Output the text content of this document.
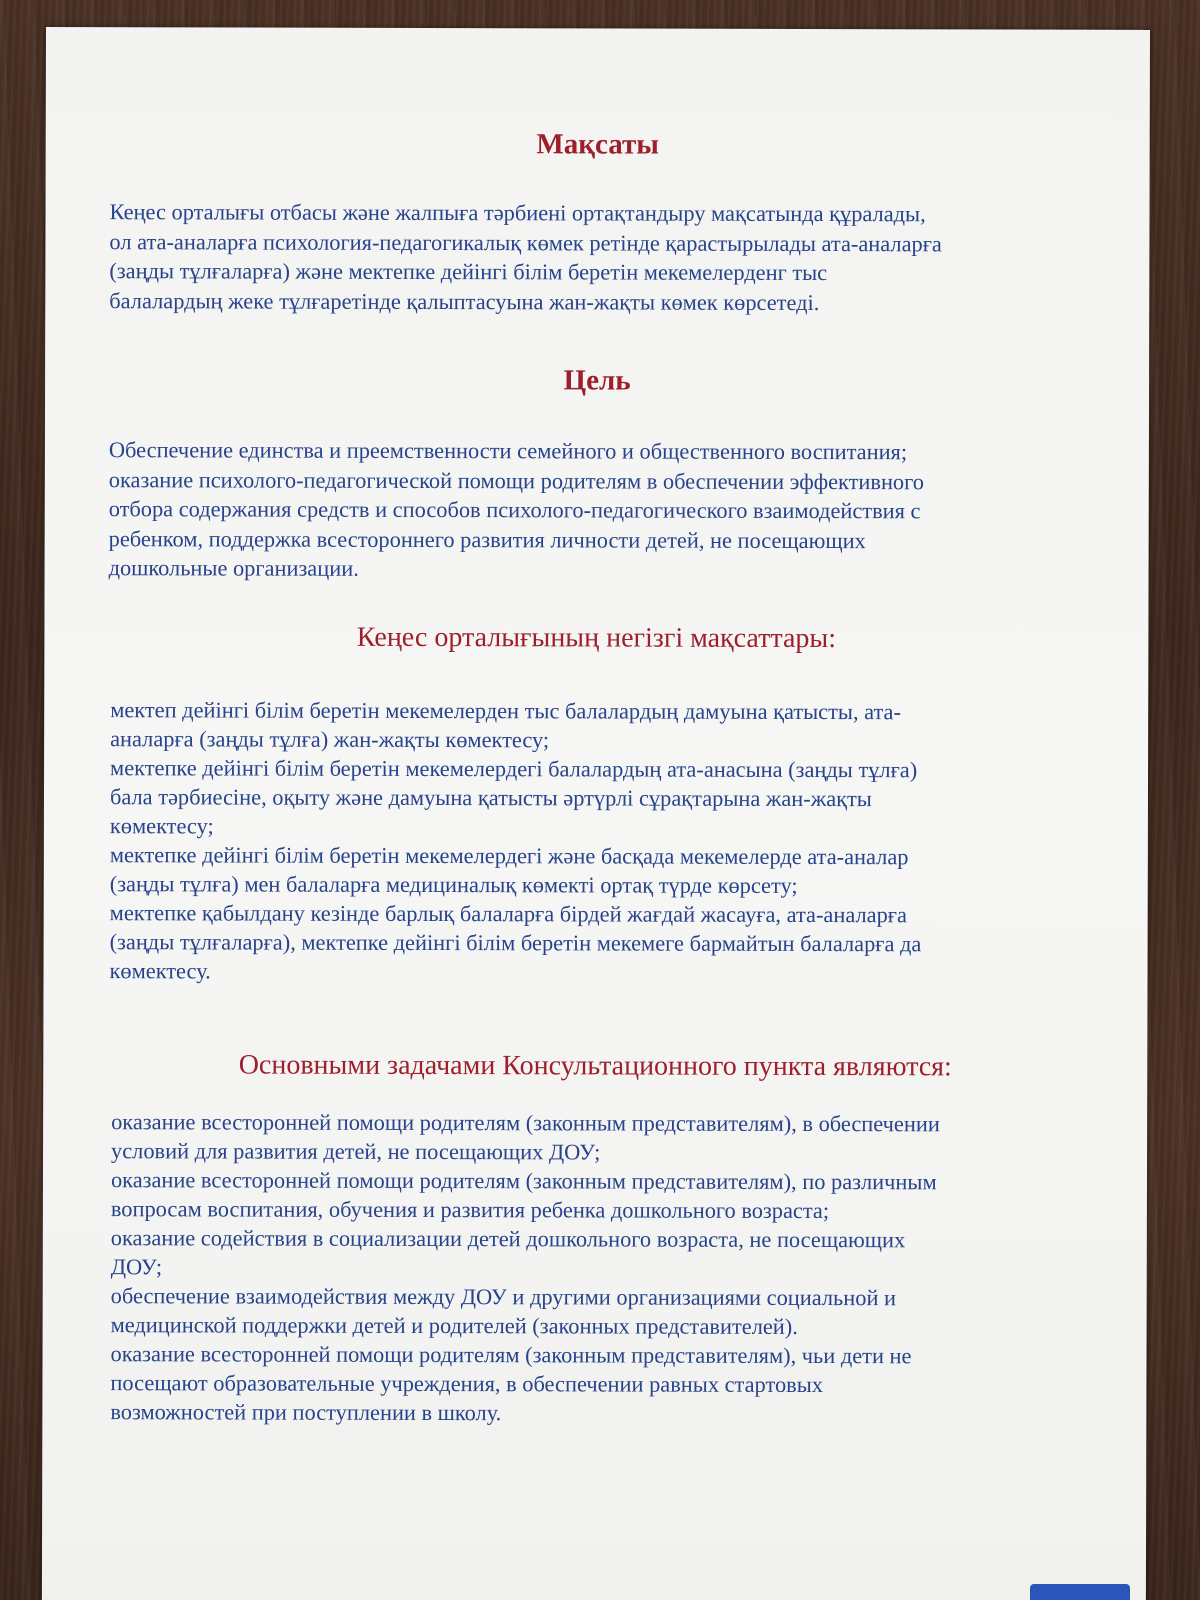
Мақсаты
Кеңес орталығы отбасы және жалпыға тәрбиені ортақтандыру мақсатында құралады,
ол ата-аналарға психология-педагогикалық көмек ретінде қарастырылады ата-аналарға
(заңды тұлғаларға) және мектепке дейінгі білім беретін мекемелерденг тыс
балалардың жеке тұлғаретінде қалыптасуына жан-жақты көмек көрсетеді.
Цель
Обеспечение единства и преемственности семейного и общественного воспитания;
оказание психолого-педагогической помощи родителям в обеспечении эффективного
отбора содержания средств и способов психолого-педагогического взаимодействия с
ребенком, поддержка всестороннего развития личности детей, не посещающих
дошкольные организации.
Кеңес орталығының негізгі мақсаттары:
мектеп дейінгі білім беретін мекемелерден тыс балалардың дамуына қатысты, ата-
аналарға (заңды тұлға) жан-жақты көмектесу;
мектепке дейінгі білім беретін мекемелердегі балалардың ата-анасына (заңды тұлға)
бала тәрбиесіне, оқыту және дамуына қатысты әртүрлі сұрақтарына жан-жақты
көмектесу;
мектепке дейінгі білім беретін мекемелердегі және басқада мекемелерде ата-аналар
(заңды тұлға) мен балаларға медициналық көмекті ортақ түрде көрсету;
мектепке қабылдану кезінде барлық балаларға бірдей жағдай жасауға, ата-аналарға
(заңды тұлғаларға), мектепке дейінгі білім беретін мекемеге бармайтын балаларға да
көмектесу.
Основными задачами Консультационного пункта являются:
оказание всесторонней помощи родителям (законным представителям), в обеспечении
условий для развития детей, не посещающих ДОУ;
оказание всесторонней помощи родителям (законным представителям), по различным
вопросам воспитания, обучения и развития ребенка дошкольного возраста;
оказание содействия в социализации детей дошкольного возраста, не посещающих
ДОУ;
обеспечение взаимодействия между ДОУ и другими организациями социальной и
медицинской поддержки детей и родителей (законных представителей).
оказание всесторонней помощи родителям (законным представителям), чьи дети не
посещают образовательные учреждения, в обеспечении равных стартовых
возможностей при поступлении в школу.
